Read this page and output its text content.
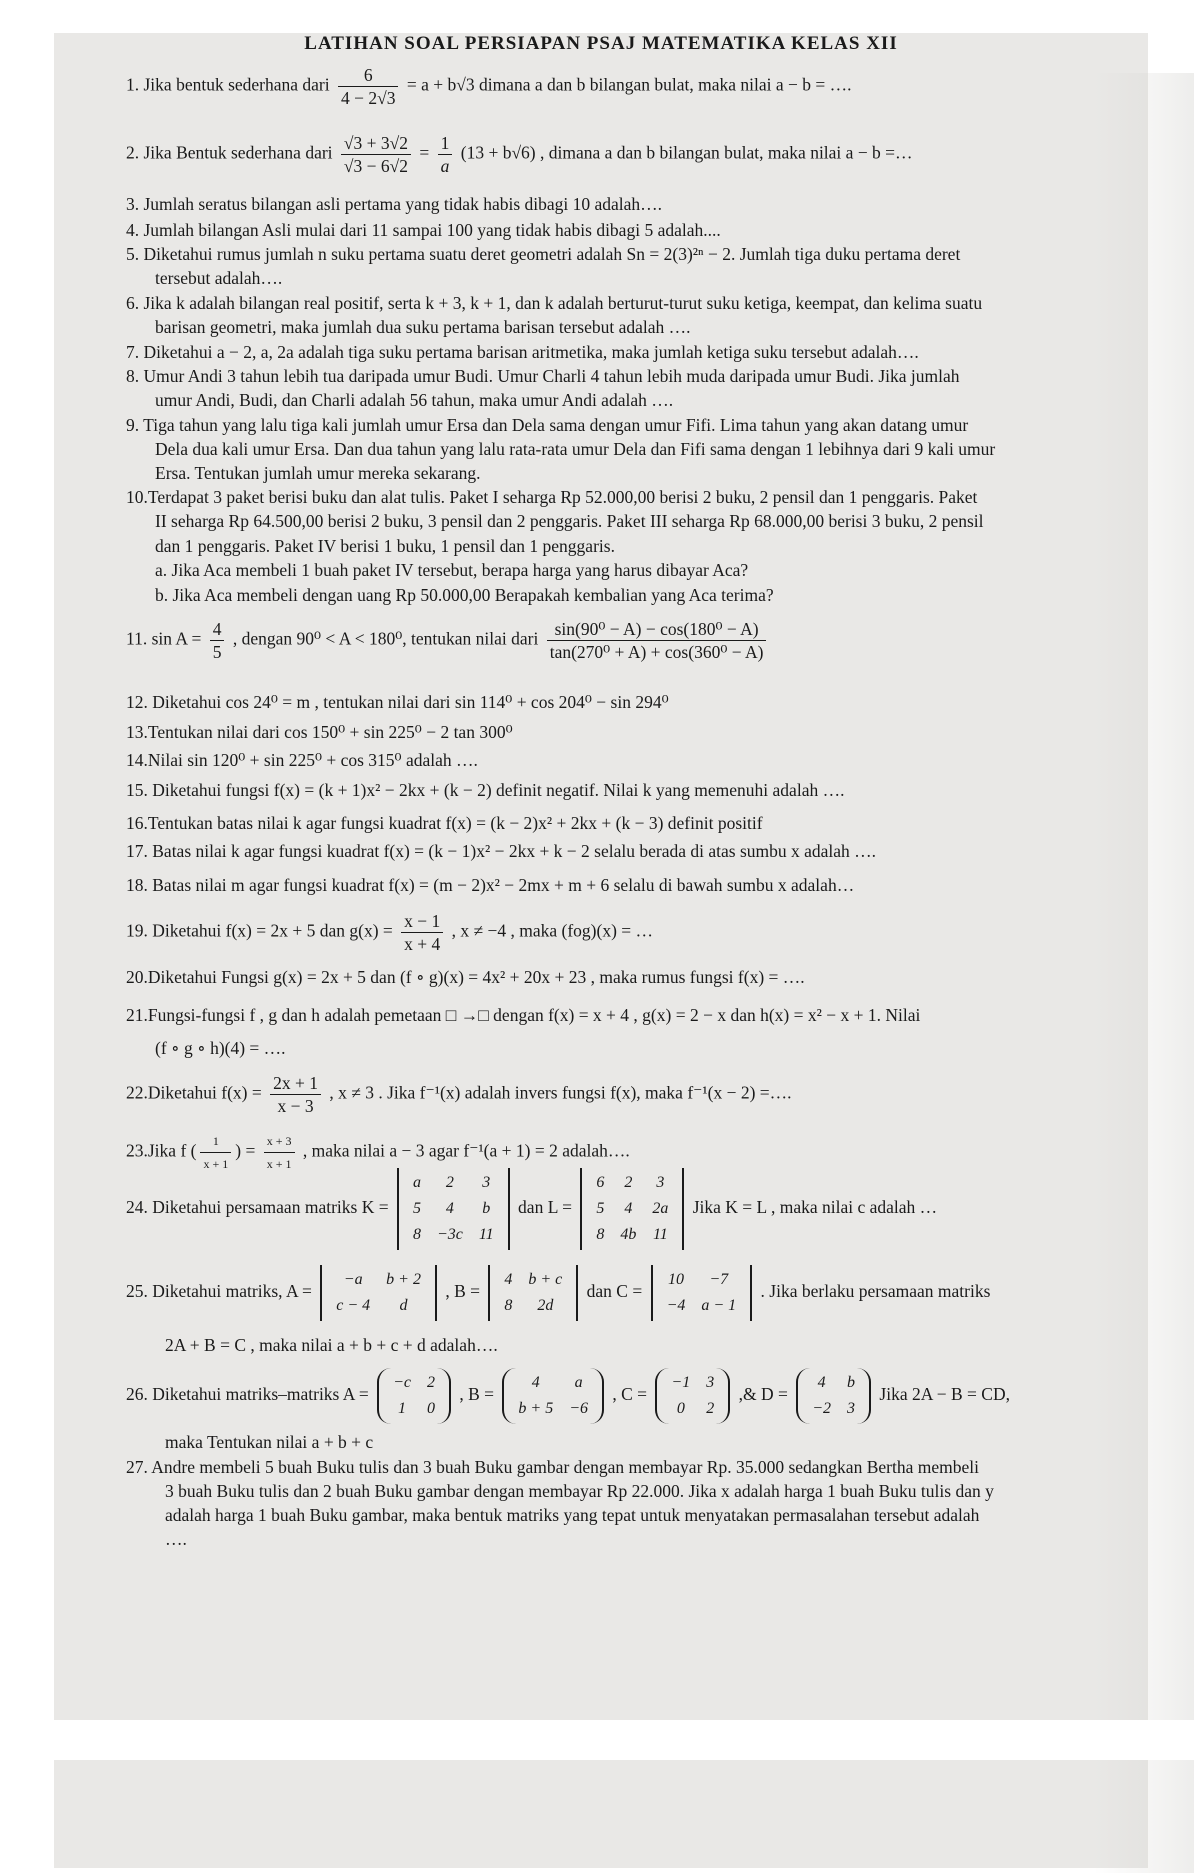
LATIHAN SOAL PERSIAPAN PSAJ MATEMATIKA KELAS XII
1. Jika bentuk sederhana dari $\frac{6}{4 - 2√3} = a + b√3$ dimana a dan b bilangan bulat, maka nilai a − b = ….
2. Jika Bentuk sederhana dari $\frac{√3 + 3√2}{√3 - 6√2} = \frac{1}{a} (13 + b√6)$ , dimana a dan b bilangan bulat, maka nilai a − b =…
3. Jumlah seratus bilangan asli pertama yang tidak habis dibagi 10 adalah….
4. Jumlah bilangan Asli mulai dari 11 sampai 100 yang tidak habis dibagi 5 adalah....
5. Diketahui rumus jumlah n suku pertama suatu deret geometri adalah Sn = 2(3)²ⁿ − 2. Jumlah tiga duku pertama deret
tersebut adalah….
6. Jika k adalah bilangan real positif, serta k + 3, k + 1, dan k adalah berturut-turut suku ketiga, keempat, dan kelima suatu
barisan geometri, maka jumlah dua suku pertama barisan tersebut adalah ….
7. Diketahui a − 2, a, 2a adalah tiga suku pertama barisan aritmetika, maka jumlah ketiga suku tersebut adalah….
8. Umur Andi 3 tahun lebih tua daripada umur Budi. Umur Charli 4 tahun lebih muda daripada umur Budi. Jika jumlah
umur Andi, Budi, dan Charli adalah 56 tahun, maka umur Andi adalah ….
9. Tiga tahun yang lalu tiga kali jumlah umur Ersa dan Dela sama dengan umur Fifi. Lima tahun yang akan datang umur
Dela dua kali umur Ersa. Dan dua tahun yang lalu rata-rata umur Dela dan Fifi sama dengan 1 lebihnya dari 9 kali umur
Ersa. Tentukan jumlah umur mereka sekarang.
10.Terdapat 3 paket berisi buku dan alat tulis. Paket I seharga Rp 52.000,00 berisi 2 buku, 2 pensil dan 1 penggaris. Paket
II seharga Rp 64.500,00 berisi 2 buku, 3 pensil dan 2 penggaris. Paket III seharga Rp 68.000,00 berisi 3 buku, 2 pensil
dan 1 penggaris. Paket IV berisi 1 buku, 1 pensil dan 1 penggaris.
a. Jika Aca membeli 1 buah paket IV tersebut, berapa harga yang harus dibayar Aca?
b. Jika Aca membeli dengan uang Rp 50.000,00 Berapakah kembalian yang Aca terima?
11. $\sin A = \frac{4}{5}$ , dengan 90⁰ < A < 180⁰, tentukan nilai dari $\frac{\text{sin(90⁰ − A) − cos(180⁰ − A)}}{\text{tan(270⁰ + A) + cos(360⁰ − A)}}$
12. Diketahui cos 24⁰ = m , tentukan nilai dari sin 114⁰ + cos 204⁰ − sin 294⁰
13.Tentukan nilai dari cos 150⁰ + sin 225⁰ − 2 tan 300⁰
14.Nilai sin 120⁰ + sin 225⁰ + cos 315⁰ adalah ….
15. Diketahui fungsi f(x) = (k + 1)x² − 2kx + (k − 2) definit negatif. Nilai k yang memenuhi adalah ….
16.Tentukan batas nilai k agar fungsi kuadrat f(x) = (k − 2)x² + 2kx + (k − 3) definit positif
17. Batas nilai k agar fungsi kuadrat f(x) = (k − 1)x² − 2kx + k − 2 selalu berada di atas sumbu x adalah ….
18. Batas nilai m agar fungsi kuadrat f(x) = (m − 2)x² − 2mx + m + 6 selalu di bawah sumbu x adalah…
19. Diketahui f(x) = 2x + 5 dan $g(x) = \frac{x - 1}{x + 4}$ , x ≠ −4 , maka (fog)(x) = …
20.Diketahui Fungsi g(x) = 2x + 5 dan (f ∘ g)(x) = 4x² + 20x + 23 , maka rumus fungsi f(x) = ….
21.Fungsi-fungsi f , g dan h adalah pemetaan □ →□ dengan f(x) = x + 4 , g(x) = 2 − x dan h(x) = x² − x + 1. Nilai
(f ∘ g ∘ h)(4) = ….
22.Diketahui $f(x) = \frac{2x + 1}{x - 3}$ , x ≠ 3 . Jika f⁻¹(x) adalah invers fungsi f(x), maka f⁻¹(x − 2) =….
23.Jika f ( $\frac{1}{x + 1}$ ) = $\frac{x + 3}{x + 1}$ , maka nilai a − 3 agar f⁻¹(a + 1) = 2 adalah….
24. Diketahui persamaan matriks K =
a	2	3
5	4	b
8	−3c	11
dan L =
6	2	3
5	4	2a
8	4b	11
Jika K = L , maka nilai c adalah …
25. Diketahui matriks, A =
−a	b + 2
c − 4	d
, B =
4	b + c
8	2d
dan C =
10	−7
−4	a − 1
. Jika berlaku persamaan matriks
2A + B = C , maka nilai a + b + c + d adalah….
26. Diketahui matriks–matriks A =
−c	2
1	0
, B =
4	a
b + 5	−6
, C =
−1	3
0	2
,& D =
4	b
−2	3
Jika 2A − B = CD,
maka Tentukan nilai a + b + c
27. Andre membeli 5 buah Buku tulis dan 3 buah Buku gambar dengan membayar Rp. 35.000 sedangkan Bertha membeli
3 buah Buku tulis dan 2 buah Buku gambar dengan membayar Rp 22.000. Jika x adalah harga 1 buah Buku tulis dan y
adalah harga 1 buah Buku gambar, maka bentuk matriks yang tepat untuk menyatakan permasalahan tersebut adalah
….
